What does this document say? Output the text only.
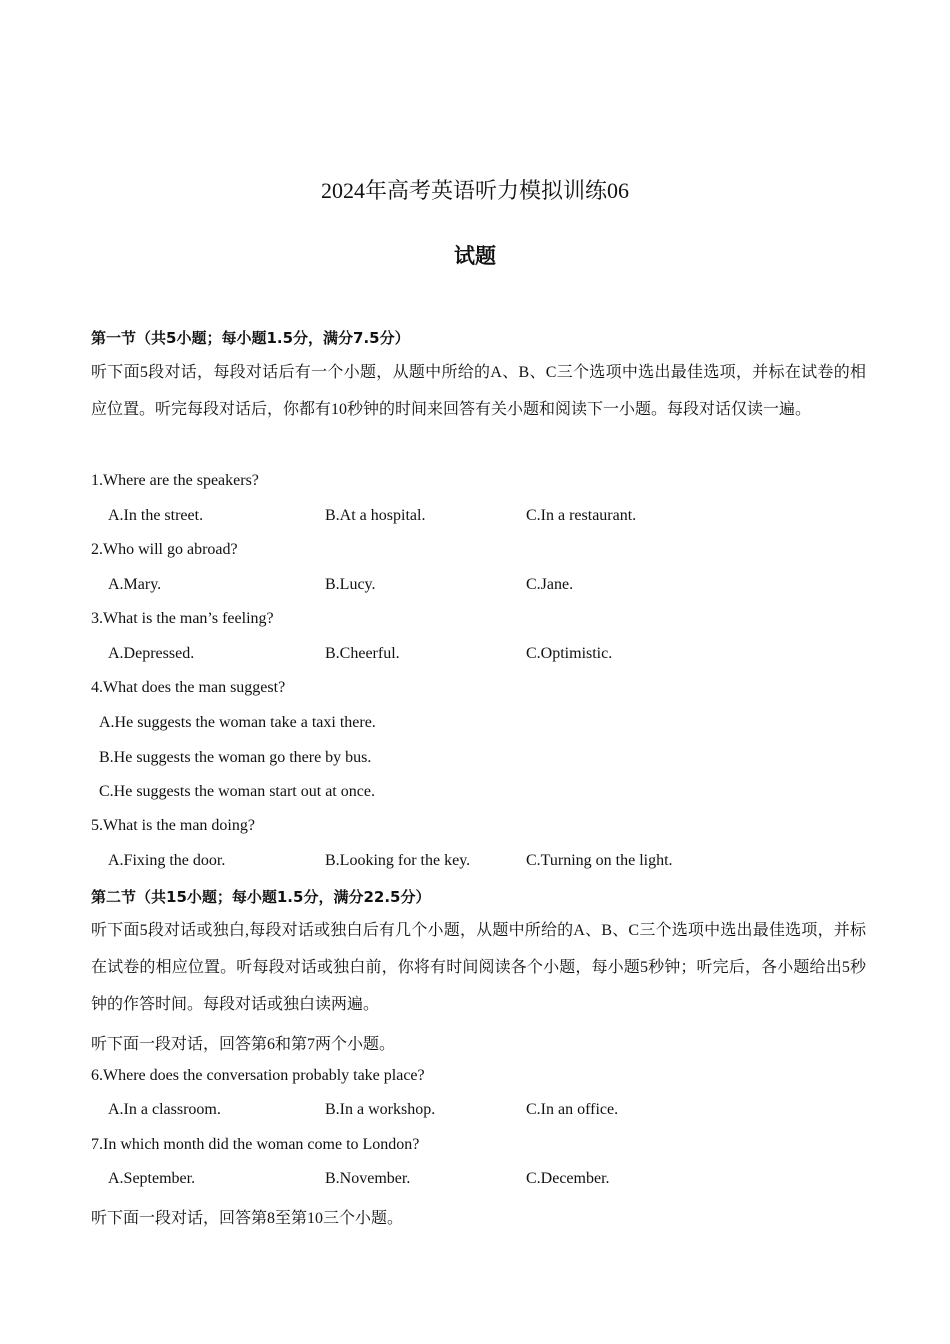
2024年高考英语听力模拟训练06
试题
第一节（共5小题；每小题1.5分，满分7.5分）
听下面5段对话，每段对话后有一个小题，从题中所给的A、B、C三个选项中选出最佳选项，并标在试卷的相应位置。听完每段对话后，你都有10秒钟的时间来回答有关小题和阅读下一小题。每段对话仅读一遍。
1.Where are the speakers?
A.In the street.	B.At a hospital.	C.In a restaurant.
2.Who will go abroad?
A.Mary.	B.Lucy.	C.Jane.
3.What is the man’s feeling?
A.Depressed.	B.Cheerful.	C.Optimistic.
4.What does the man suggest?
A.He suggests the woman take a taxi there.
B.He suggests the woman go there by bus.
C.He suggests the woman start out at once.
5.What is the man doing?
A.Fixing the door.	B.Looking for the key.	C.Turning on the light.
第二节（共15小题；每小题1.5分，满分22.5分）
听下面5段对话或独白,每段对话或独白后有几个小题，从题中所给的A、B、C三个选项中选出最佳选项，并标在试卷的相应位置。听每段对话或独白前，你将有时间阅读各个小题，每小题5秒钟；听完后，各小题给出5秒钟的作答时间。每段对话或独白读两遍。
听下面一段对话，回答第6和第7两个小题。
6.Where does the conversation probably take place?
A.In a classroom.	B.In a workshop.	C.In an office.
7.In which month did the woman come to London?
A.September.	B.November.	C.December.
听下面一段对话，回答第8至第10三个小题。
